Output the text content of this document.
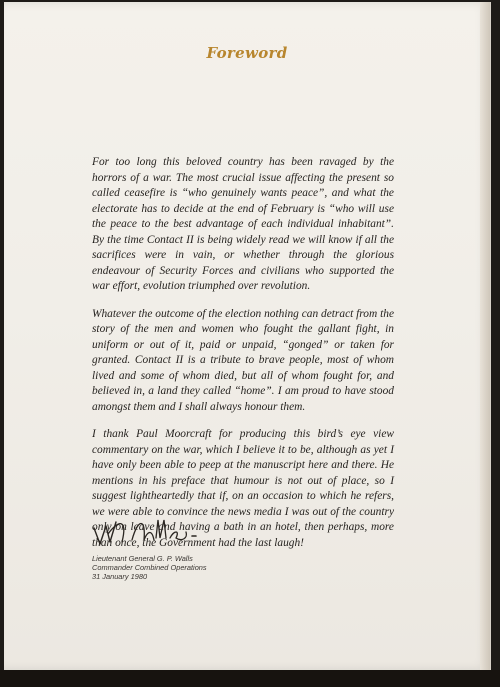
Foreword

For too long this beloved country has been ravaged by the horrors of a war. The most crucial issue affecting the present so called ceasefire is “who genuinely wants peace”, and what the electorate has to decide at the end of February is “who will use the peace to the best advantage of each individual inhabitant”. By the time Contact II is being widely read we will know if all the sacrifices were in vain, or whether through the glorious endeavour of Security Forces and civilians who supported the war effort, evolution triumphed over revolution.

Whatever the outcome of the election nothing can detract from the story of the men and women who fought the gallant fight, in uniform or out of it, paid or unpaid, “gonged” or taken for granted. Contact II is a tribute to brave people, most of whom lived and some of whom died, but all of whom fought for, and believed in, a land they called “home”. I am proud to have stood amongst them and I shall always honour them.

I thank Paul Moorcraft for producing this bird’s eye view commentary on the war, which I believe it to be, although as yet I have only been able to peep at the manuscript here and there. He mentions in his preface that humour is not out of place, so I suggest lightheartedly that if, on an occasion to which he refers, we were able to convince the news media I was out of the country only on leave and having a bath in an hotel, then perhaps, more than once, the Government had the last laugh!

Lieutenant General G. P. Walls
Commander Combined Operations
31 January 1980
